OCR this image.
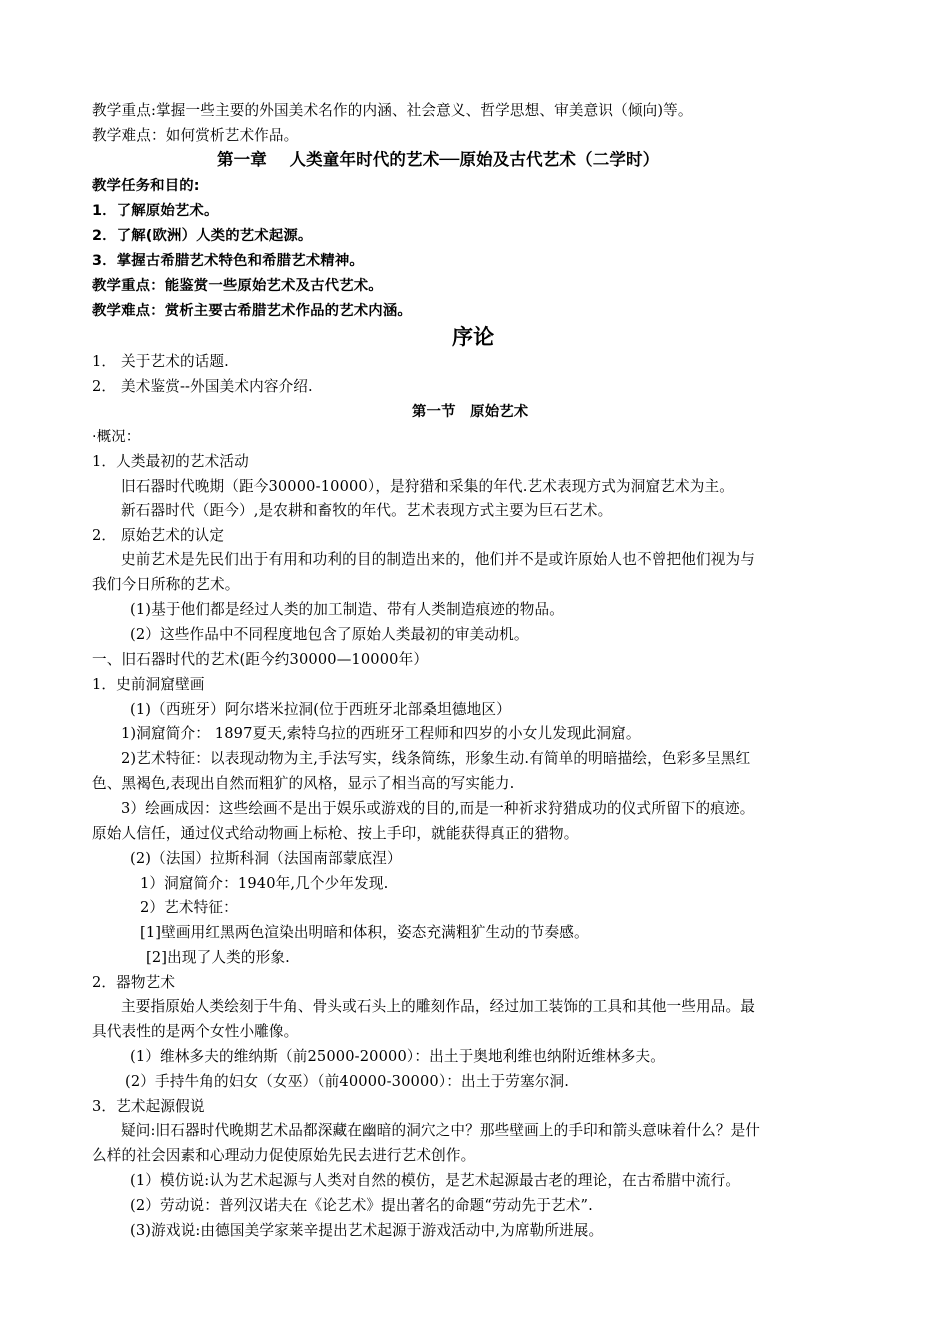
教学重点:掌握一些主要的外国美术名作的内涵、社会意义、哲学思想、审美意识（倾向)等。
教学难点：如何赏析艺术作品。
第一章　 人类童年时代的艺术──原始及古代艺术（二学时）
教学任务和目的:
1．了解原始艺术。
2．了解(欧洲）人类的艺术起源。
3．掌握古希腊艺术特色和希腊艺术精神。
教学重点：能鉴赏一些原始艺术及古代艺术。
教学难点：赏析主要古希腊艺术作品的艺术内涵。
序论
1． 关于艺术的话题.
2． 美术鉴赏--外国美术内容介绍.
第一节　原始艺术
·概况：
1．人类最初的艺术活动
旧石器时代晚期（距今30000-10000），是狩猎和采集的年代.艺术表现方式为洞窟艺术为主。
新石器时代（距今）,是农耕和畜牧的年代。艺术表现方式主要为巨石艺术。
2． 原始艺术的认定
史前艺术是先民们出于有用和功利的目的制造出来的，他们并不是或许原始人也不曾把他们视为与
我们今日所称的艺术。
(1)基于他们都是经过人类的加工制造、带有人类制造痕迹的物品。
(2）这些作品中不同程度地包含了原始人类最初的审美动机。
一、旧石器时代的艺术(距今约30000—10000年）
1．史前洞窟壁画
(1)（西班牙）阿尔塔米拉洞(位于西班牙北部桑坦德地区）
1)洞窟简介： 1897夏天,索特乌拉的西班牙工程师和四岁的小女儿发现此洞窟。
2)艺术特征：以表现动物为主,手法写实，线条简练，形象生动.有简单的明暗描绘，色彩多呈黑红
色、黑褐色,表现出自然而粗犷的风格，显示了相当高的写实能力.
3）绘画成因：这些绘画不是出于娱乐或游戏的目的,而是一种祈求狩猎成功的仪式所留下的痕迹。
原始人信任，通过仪式给动物画上标枪、按上手印，就能获得真正的猎物。
(2)（法国）拉斯科洞（法国南部蒙底涅）
1）洞窟简介：1940年,几个少年发现.
2）艺术特征：
[1]壁画用红黑两色渲染出明暗和体积，姿态充满粗犷生动的节奏感。
[2]出现了人类的形象.
2．器物艺术
主要指原始人类绘刻于牛角、骨头或石头上的雕刻作品，经过加工装饰的工具和其他一些用品。最
具代表性的是两个女性小雕像。
(1）维林多夫的维纳斯（前25000-20000）：出土于奥地利维也纳附近维林多夫。
(2）手持牛角的妇女（女巫）（前40000-30000）：出土于劳塞尔洞.
3．艺术起源假说
疑问:旧石器时代晚期艺术品都深藏在幽暗的洞穴之中？那些壁画上的手印和箭头意味着什么？是什
么样的社会因素和心理动力促使原始先民去进行艺术创作。
(1）模仿说:认为艺术起源与人类对自然的模仿，是艺术起源最古老的理论，在古希腊中流行。
(2）劳动说：普列汉诺夫在《论艺术》提出著名的命题“劳动先于艺术”.
(3)游戏说:由德国美学家莱辛提出艺术起源于游戏活动中,为席勒所进展。
